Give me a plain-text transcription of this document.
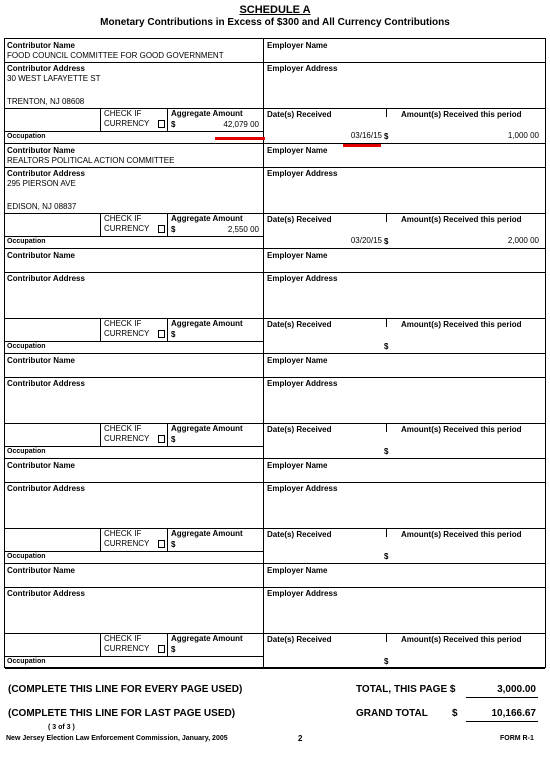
SCHEDULE A
Monetary Contributions in Excess of $300 and All Currency Contributions
Contributor Name
FOOD COUNCIL COMMITTEE FOR GOOD GOVERNMENT
Contributor Address
30 WEST LAFAYETTE ST
TRENTON, NJ 08608
CHECK IF
CURRENCY
Aggregate Amount
$	42,079 00
Occupation
Employer Name
Employer Address
Date(s) Received	Amount(s) Received this period
03/16/15 $	1,000 00
Contributor Name
REALTORS POLITICAL ACTION COMMITTEE
Contributor Address
295 PIERSON AVE
EDISON, NJ 08837
CHECK IF
CURRENCY
Aggregate Amount
$	2,550 00
Occupation
Employer Name
Employer Address
Date(s) Received	Amount(s) Received this period
03/20/15 $	2,000 00
Contributor Name
Contributor Address
CHECK IF
CURRENCY
Aggregate Amount
$
Occupation
Employer Name
Employer Address
Date(s) Received	Amount(s) Received this period
$
Contributor Name
Contributor Address
CHECK IF
CURRENCY
Aggregate Amount
$
Occupation
Employer Name
Employer Address
Date(s) Received	Amount(s) Received this period
$
Contributor Name
Contributor Address
CHECK IF
CURRENCY
Aggregate Amount
$
Occupation
Employer Name
Employer Address
Date(s) Received	Amount(s) Received this period
$
Contributor Name
Contributor Address
CHECK IF
CURRENCY
Aggregate Amount
$
Occupation
Employer Name
Employer Address
Date(s) Received	Amount(s) Received this period
$
(COMPLETE THIS LINE FOR EVERY PAGE USED)	TOTAL, THIS PAGE $	3,000.00
(COMPLETE THIS LINE FOR LAST PAGE USED)	GRAND TOTAL $	10,166.67
( 3 of 3 )
New Jersey Election Law Enforcement Commission, January, 2005	2	FORM R-1
